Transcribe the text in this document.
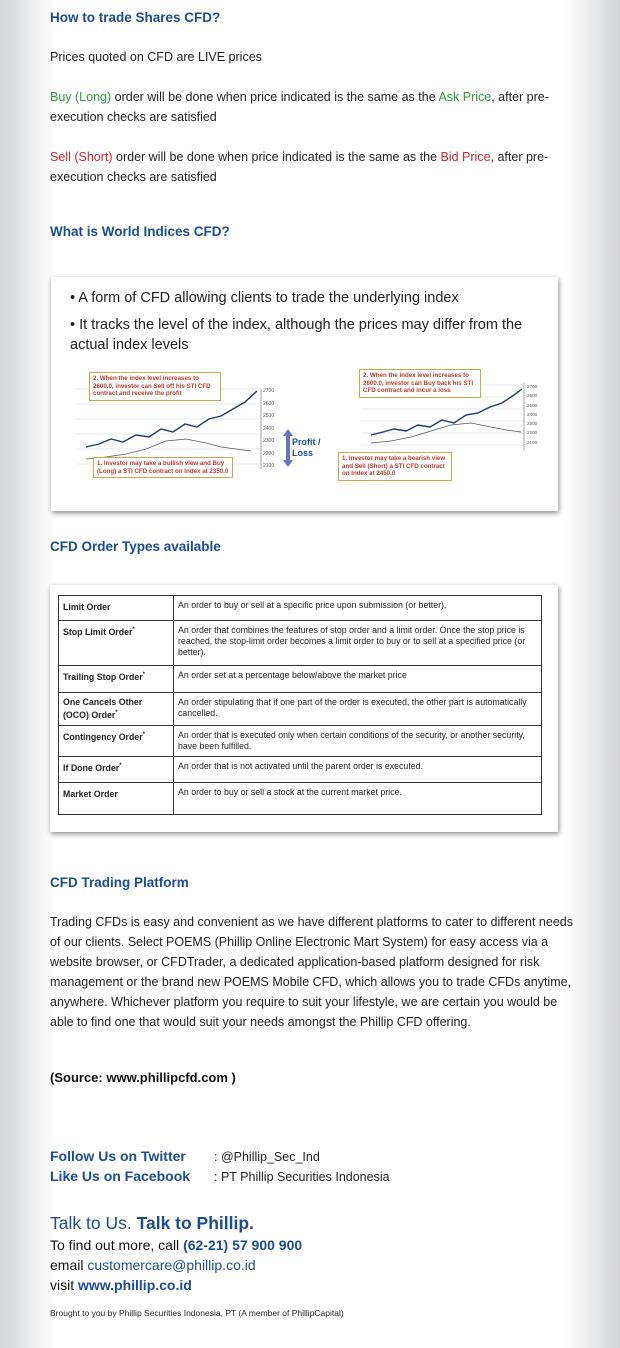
How to trade Shares CFD?
Prices quoted on CFD are LIVE prices
Buy (Long) order will be done when price indicated is the same as the Ask Price, after pre-execution checks are satisfied
Sell (Short) order will be done when price indicated is the same as the Bid Price, after pre-execution checks are satisfied
What is World Indices CFD?
• A form of CFD allowing clients to trade the underlying index
• It tracks the level of the index, although the prices may differ from the actual index levels
2700
2600
2500
2400
2300
2200
2100
2. When the index level increases to 2600.0, investor can Sell off his STI CFD contract and receive the profit
1. Investor may take a bullish view and Buy (Long) a STI CFD contract on Index at 2350.0
Profit /
Loss
2700
2600
2500
2400
2300
2200
2100
2. When the index level increases to 2600.0, investor can Buy back his STI CFD contract and incur a loss
1. Investor may take a bearish view and Sell (Short) a STI CFD contract on Index at 2450.0
CFD Order Types available
Limit Order	An order to buy or sell at a specific price upon submission (or better).
Stop Limit Order*	An order that combines the features of stop order and a limit order. Once the stop price is reached, the stop-limit order becomes a limit order to buy or to sell at a specified price (or better).
Trailing Stop Order*	An order set at a percentage below/above the market price
One Cancels Other (OCO) Order*	An order stipulating that if one part of the order is executed, the other part is automatically cancelled.
Contingency Order*	An order that is executed only when certain conditions of the security, or another security, have been fulfilled.
If Done Order*	An order that is not activated until the parent order is executed.
Market Order	An order to buy or sell a stock at the current market price.
CFD Trading Platform
Trading CFDs is easy and convenient as we have different platforms to cater to different needs of our clients. Select POEMS (Phillip Online Electronic Mart System) for easy access via a website browser, or CFDTrader, a dedicated application-based platform designed for risk management or the brand new POEMS Mobile CFD, which allows you to trade CFDs anytime, anywhere. Whichever platform you require to suit your lifestyle, we are certain you would be able to find one that would suit your needs amongst the Phillip CFD offering.
(Source: www.phillipcfd.com )
Follow Us on Twitter : @Phillip_Sec_Ind
Like Us on Facebook : PT Phillip Securities Indonesia
Talk to Us. Talk to Phillip.
To find out more, call (62-21) 57 900 900
email customercare@phillip.co.id
visit www.phillip.co.id
Brought to you by Phillip Securities Indonesia, PT (A member of PhillipCapital)
